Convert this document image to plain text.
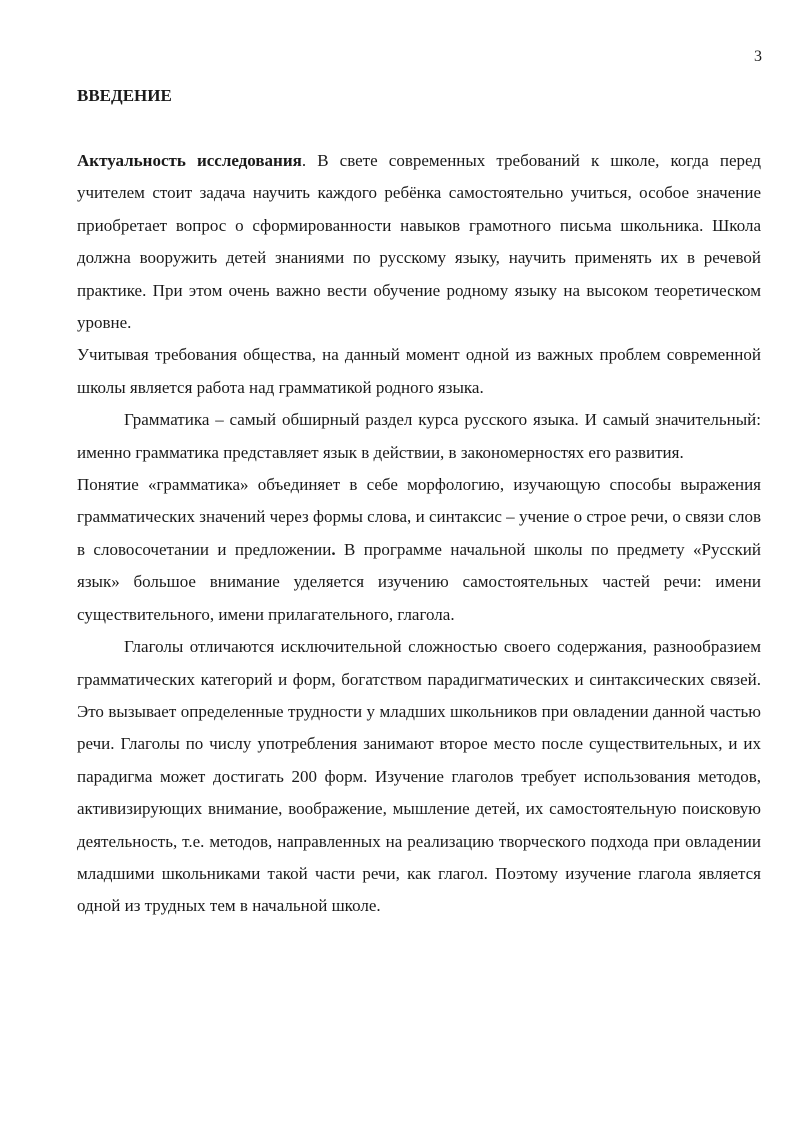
3
ВВЕДЕНИЕ

Актуальность исследования. В свете современных требований к школе, когда перед учителем стоит задача научить каждого ребёнка самостоятельно учиться, особое значение приобретает вопрос о сформированности навыков грамотного письма школьника. Школа должна вооружить детей знаниями по русскому языку, научить применять их в речевой практике. При этом очень важно вести обучение родному языку на высоком теоретическом уровне.

Учитывая требования общества, на данный момент одной из важных проблем современной школы является работа над грамматикой родного языка.

Грамматика – самый обширный раздел курса русского языка. И самый значительный: именно грамматика представляет язык в действии, в закономерностях его развития.

Понятие «грамматика» объединяет в себе морфологию, изучающую способы выражения грамматических значений через формы слова, и синтаксис – учение о строе речи, о связи слов в словосочетании и предложении. В программе начальной школы по предмету «Русский язык» большое внимание уделяется изучению самостоятельных частей речи: имени существительного, имени прилагательного, глагола.

Глаголы отличаются исключительной сложностью своего содержания, разнообразием грамматических категорий и форм, богатством парадигматических и синтаксических связей. Это вызывает определенные трудности у младших школьников при овладении данной частью речи. Глаголы по числу употребления занимают второе место после существительных, и их парадигма может достигать 200 форм. Изучение глаголов требует использования методов, активизирующих внимание, воображение, мышление детей, их самостоятельную поисковую деятельность, т.е. методов, направленных на реализацию творческого подхода при овладении младшими школьниками такой части речи, как глагол. Поэтому изучение глагола является одной из трудных тем в начальной школе.
